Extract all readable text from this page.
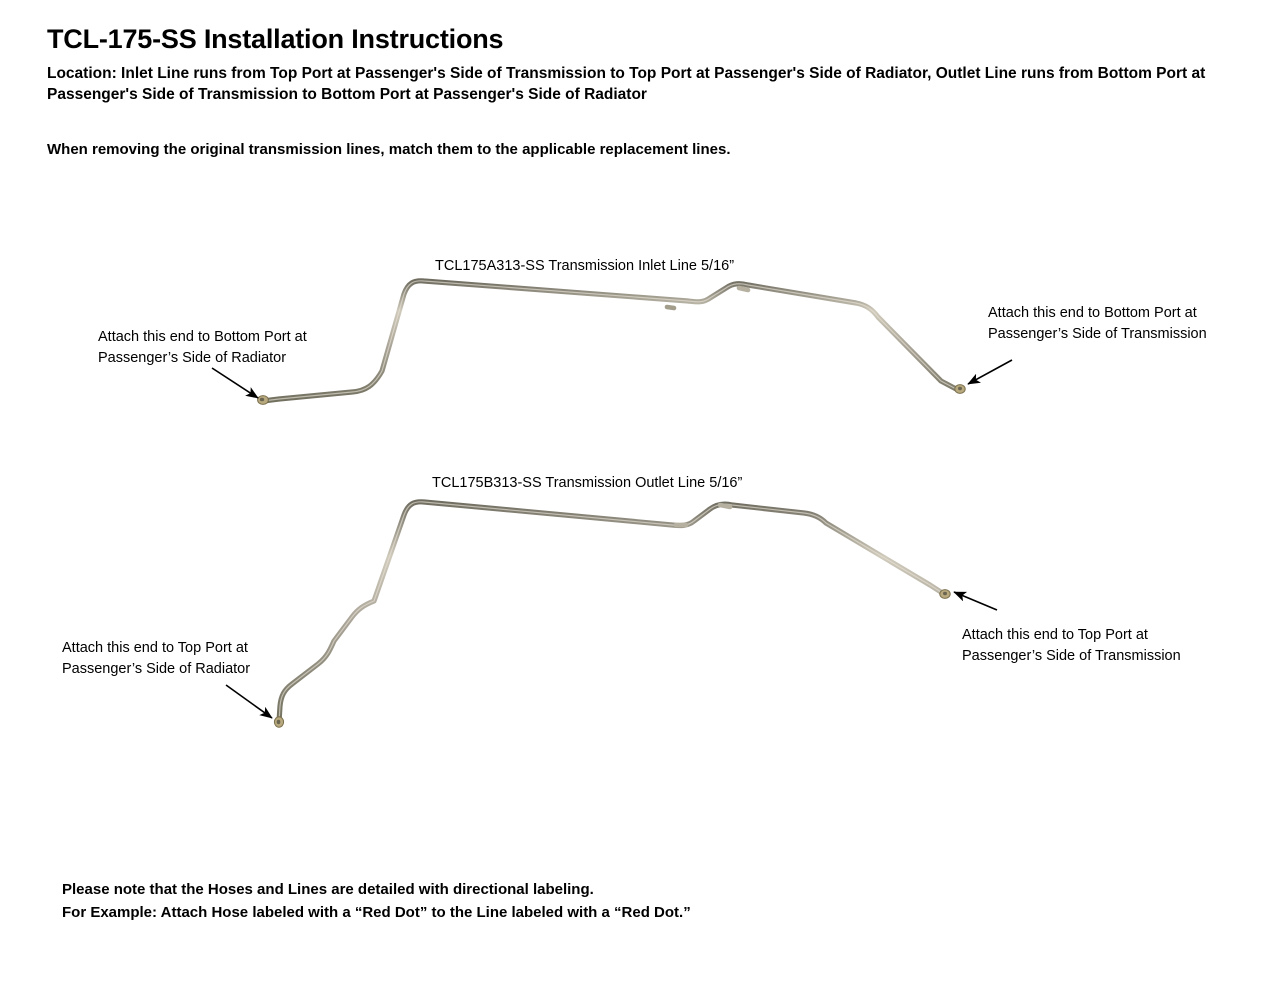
TCL-175-SS Installation Instructions
Location: Inlet Line runs from Top Port at Passenger's Side of Transmission to Top Port at Passenger's Side of Radiator, Outlet Line runs from Bottom Port at Passenger's Side of Transmission to Bottom Port at Passenger's Side of Radiator
When removing the original transmission lines, match them to the applicable replacement lines.
TCL175A313-SS Transmission Inlet Line 5/16”
TCL175B313-SS Transmission Outlet Line 5/16”
Attach this end to Bottom Port at Passenger’s Side of Radiator
Attach this end to Bottom Port at Passenger’s Side of Transmission
Attach this end to Top Port at Passenger’s Side of Radiator
Attach this end to Top Port at Passenger’s Side of Transmission
Please note that the Hoses and Lines are detailed with directional labeling.
For Example: Attach Hose labeled with a “Red Dot” to the Line labeled with a “Red Dot.”
